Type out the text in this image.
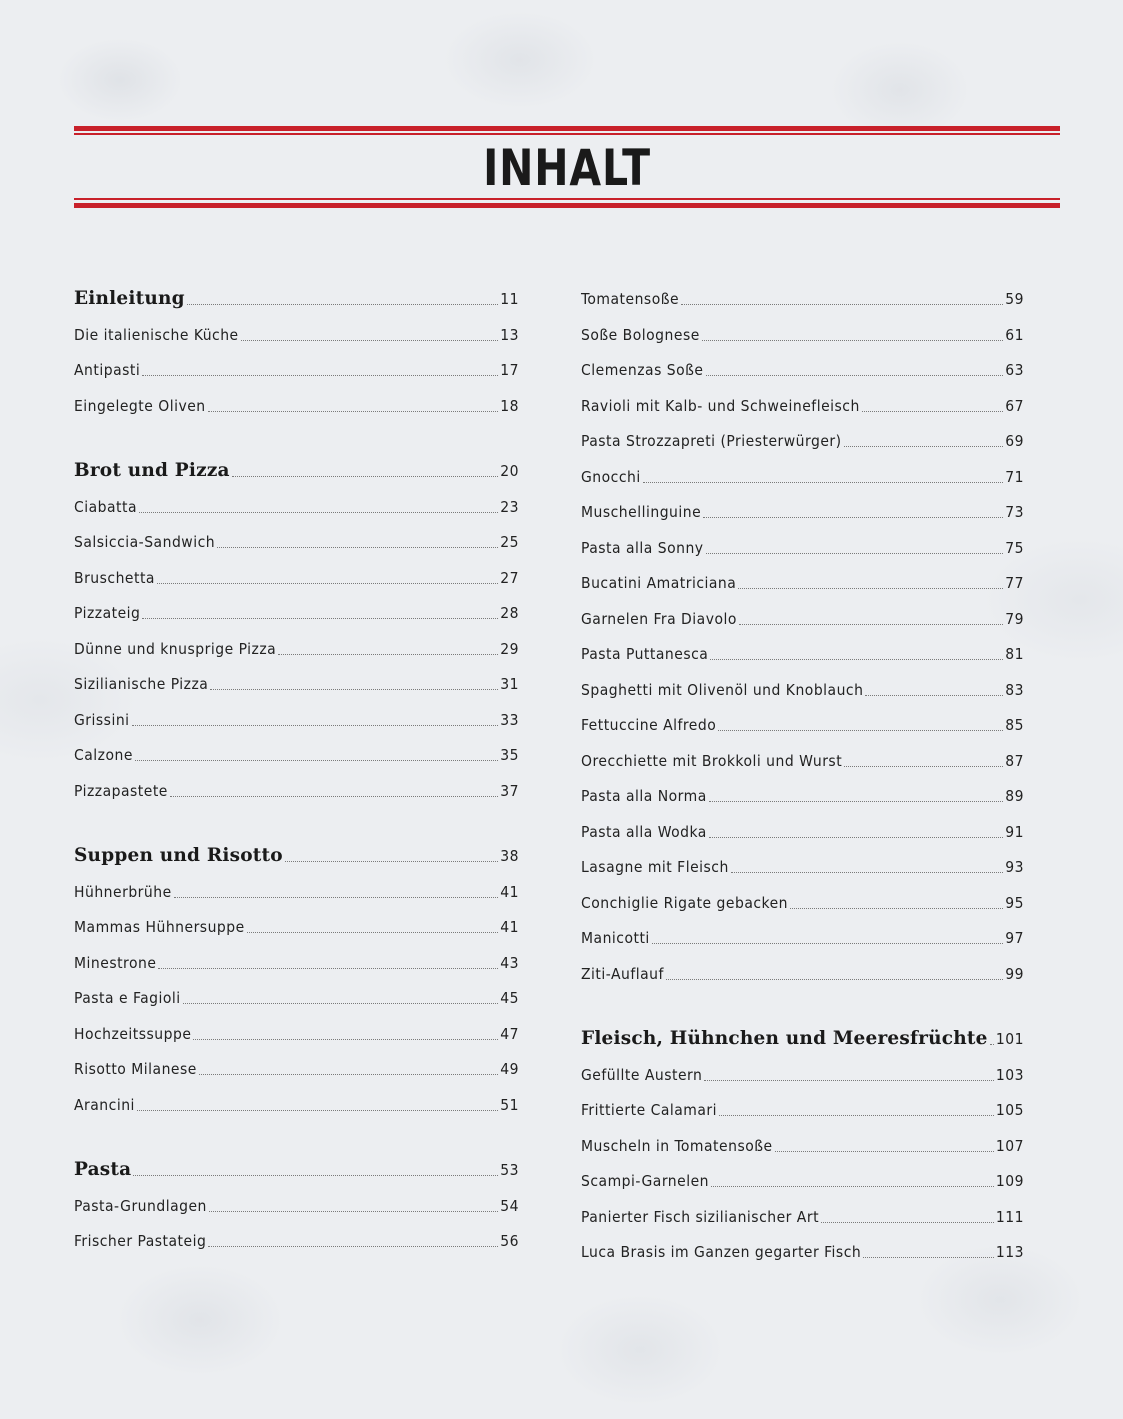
INHALT
Einleitung	11
Die italienische Küche	13
Antipasti	17
Eingelegte Oliven	18
Brot und Pizza	20
Ciabatta	23
Salsiccia-Sandwich	25
Bruschetta	27
Pizzateig	28
Dünne und knusprige Pizza	29
Sizilianische Pizza	31
Grissini	33
Calzone	35
Pizzapastete	37
Suppen und Risotto	38
Hühnerbrühe	41
Mammas Hühnersuppe	41
Minestrone	43
Pasta e Fagioli	45
Hochzeitssuppe	47
Risotto Milanese	49
Arancini	51
Pasta	53
Pasta-Grundlagen	54
Frischer Pastateig	56
Tomatensoße	59
Soße Bolognese	61
Clemenzas Soße	63
Ravioli mit Kalb- und Schweinefleisch	67
Pasta Strozzapreti (Priesterwürger)	69
Gnocchi	71
Muschellinguine	73
Pasta alla Sonny	75
Bucatini Amatriciana	77
Garnelen Fra Diavolo	79
Pasta Puttanesca	81
Spaghetti mit Olivenöl und Knoblauch	83
Fettuccine Alfredo	85
Orecchiette mit Brokkoli und Wurst	87
Pasta alla Norma	89
Pasta alla Wodka	91
Lasagne mit Fleisch	93
Conchiglie Rigate gebacken	95
Manicotti	97
Ziti-Auflauf	99
Fleisch, Hühnchen und Meeresfrüchte 101
Gefüllte Austern	103
Frittierte Calamari	105
Muscheln in Tomatensoße	107
Scampi-Garnelen	109
Panierter Fisch sizilianischer Art	111
Luca Brasis im Ganzen gegarter Fisch	113
